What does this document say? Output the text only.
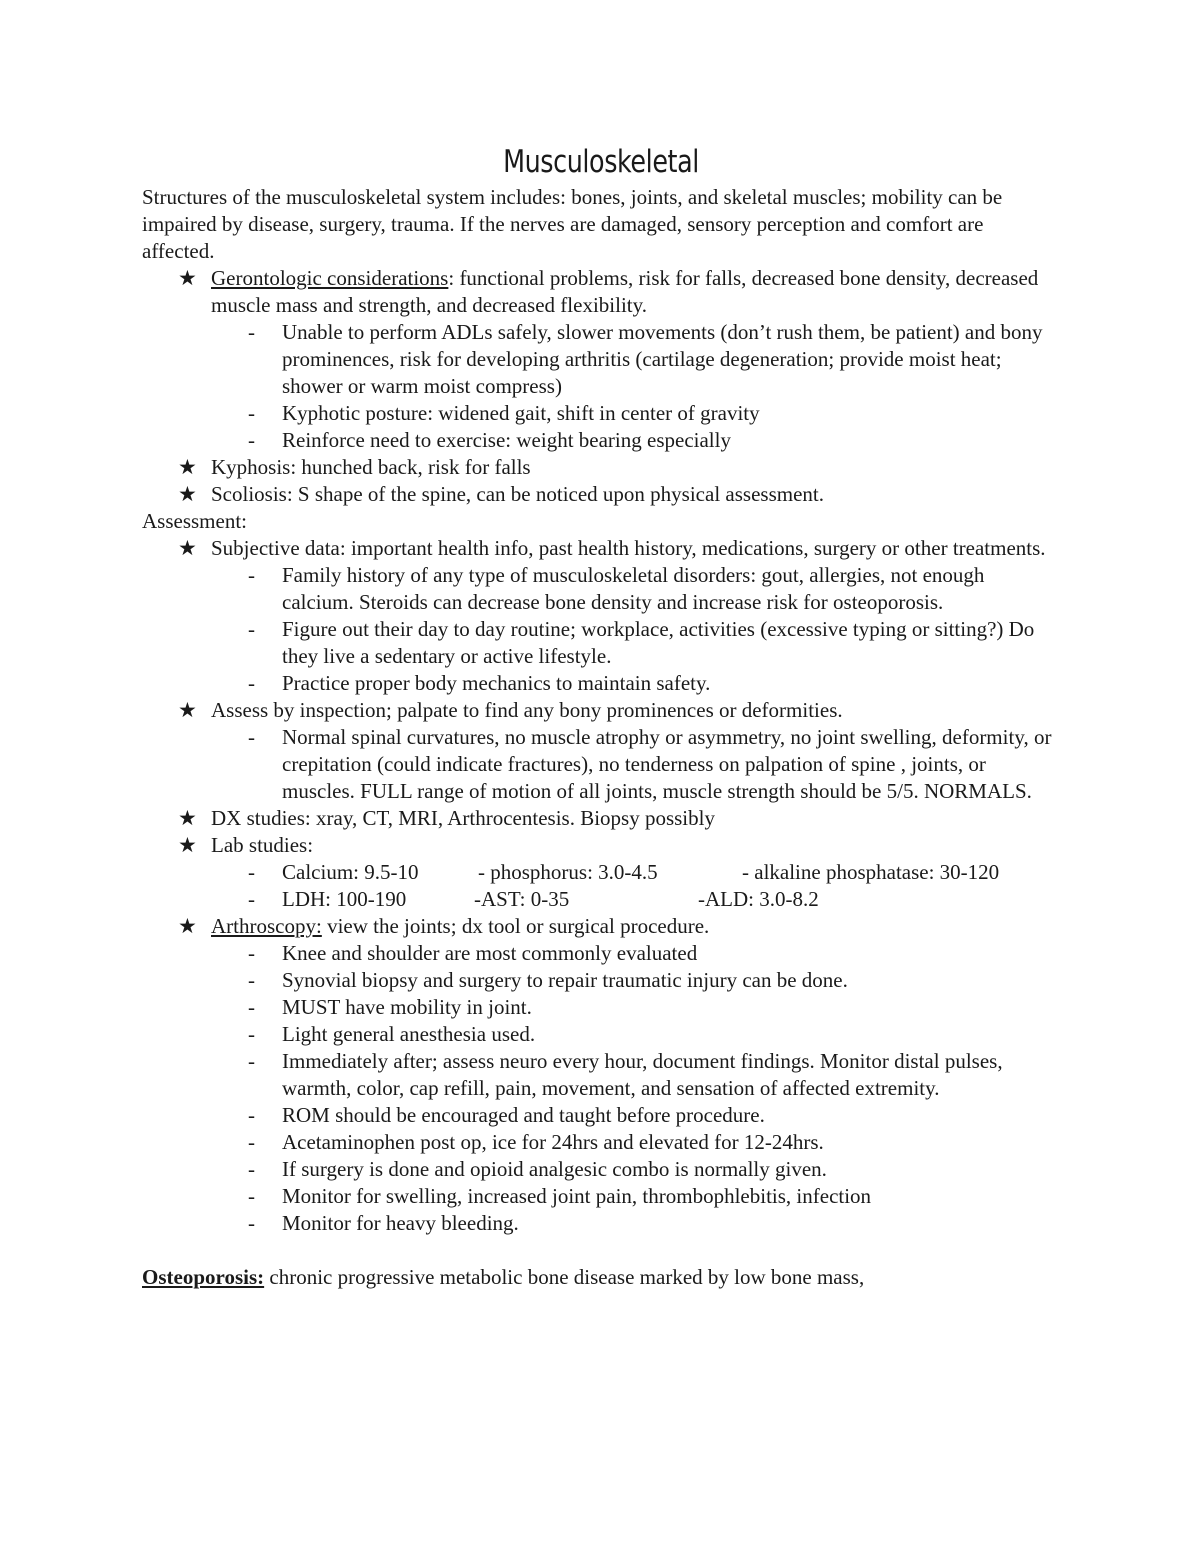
Musculoskeletal

Structures of the musculoskeletal system includes: bones, joints, and skeletal muscles; mobility can be impaired by disease, surgery, trauma. If the nerves are damaged, sensory perception and comfort are affected.

★ Gerontologic considerations: functional problems, risk for falls, decreased bone density, decreased muscle mass and strength, and decreased flexibility.
- Unable to perform ADLs safely, slower movements (don’t rush them, be patient) and bony prominences, risk for developing arthritis (cartilage degeneration; provide moist heat; shower or warm moist compress)
- Kyphotic posture: widened gait, shift in center of gravity
- Reinforce need to exercise: weight bearing especially
★ Kyphosis: hunched back, risk for falls
★ Scoliosis: S shape of the spine, can be noticed upon physical assessment.

Assessment:

★ Subjective data: important health info, past health history, medications, surgery or other treatments.
- Family history of any type of musculoskeletal disorders: gout, allergies, not enough calcium. Steroids can decrease bone density and increase risk for osteoporosis.
- Figure out their day to day routine; workplace, activities (excessive typing or sitting?) Do they live a sedentary or active lifestyle.
- Practice proper body mechanics to maintain safety.
★ Assess by inspection; palpate to find any bony prominences or deformities.
- Normal spinal curvatures, no muscle atrophy or asymmetry, no joint swelling, deformity, or crepitation (could indicate fractures), no tenderness on palpation of spine , joints, or muscles. FULL range of motion of all joints, muscle strength should be 5/5. NORMALS.
★ DX studies: xray, CT, MRI, Arthrocentesis. Biopsy possibly
★ Lab studies:
- Calcium: 9.5-10	- phosphorus: 3.0-4.5	- alkaline phosphatase: 30-120
- LDH: 100-190	-AST: 0-35	-ALD: 3.0-8.2
★ Arthroscopy: view the joints; dx tool or surgical procedure.
- Knee and shoulder are most commonly evaluated
- Synovial biopsy and surgery to repair traumatic injury can be done.
- MUST have mobility in joint.
- Light general anesthesia used.
- Immediately after; assess neuro every hour, document findings. Monitor distal pulses, warmth, color, cap refill, pain, movement, and sensation of affected extremity.
- ROM should be encouraged and taught before procedure.
- Acetaminophen post op, ice for 24hrs and elevated for 12-24hrs.
- If surgery is done and opioid analgesic combo is normally given.
- Monitor for swelling, increased joint pain, thrombophlebitis, infection
- Monitor for heavy bleeding.

Osteoporosis: chronic progressive metabolic bone disease marked by low bone mass,
